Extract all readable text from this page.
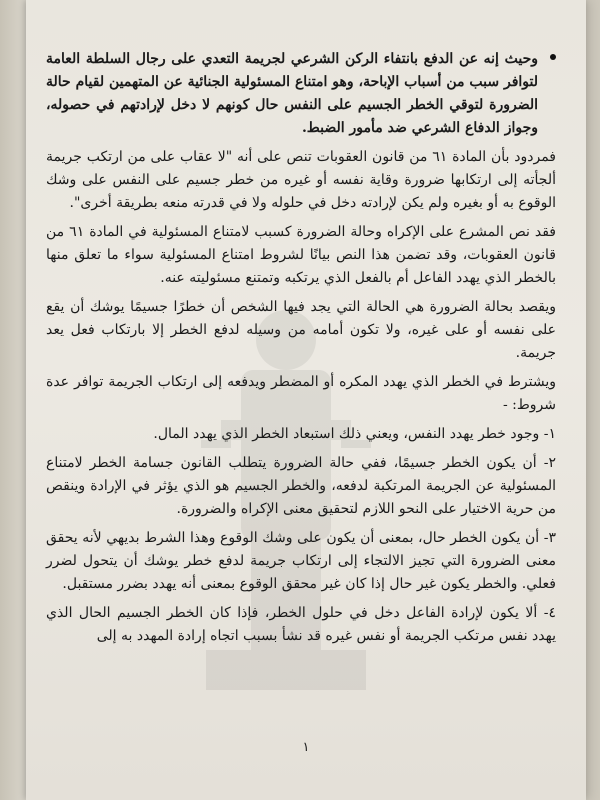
وحيث إنه عن الدفع بانتفاء الركن الشرعي لجريمة التعدي على رجال السلطة العامة لتوافر سبب من أسباب الإباحة، وهو امتناع المسئولية الجنائية عن المتهمين لقيام حالة الضرورة لتوقي الخطر الجسيم على النفس حال كونهم لا دخل لإرادتهم في حصوله، وجواز الدفاع الشرعي ضد مأمور الضبط.
فمردود بأن المادة ٦١ من قانون العقوبات تنص على أنه "لا عقاب على من ارتكب جريمة ألجأته إلى ارتكابها ضرورة وقاية نفسه أو غيره من خطر جسيم على النفس على وشك الوقوع به أو بغيره ولم يكن لإرادته دخل في حلوله ولا في قدرته منعه بطريقة أخرى".
فقد نص المشرع على الإكراه وحالة الضرورة كسبب لامتناع المسئولية في المادة ٦١ من قانون العقوبات، وقد تضمن هذا النص بيانًا لشروط امتناع المسئولية سواء ما تعلق منها بالخطر الذي يهدد الفاعل أم بالفعل الذي يرتكبه وتمتنع مسئوليته عنه.
ويقصد بحالة الضرورة هي الحالة التي يجد فيها الشخص أن خطرًا جسيمًا يوشك أن يقع على نفسه أو على غيره، ولا تكون أمامه من وسيله لدفع الخطر إلا بارتكاب فعل يعد جريمة.
ويشترط في الخطر الذي يهدد المكره أو المضطر ويدفعه إلى ارتكاب الجريمة توافر عدة شروط: -
١- وجود خطر يهدد النفس، ويعني ذلك استبعاد الخطر الذي يهدد المال.
٢- أن يكون الخطر جسيمًا، ففي حالة الضرورة يتطلب القانون جسامة الخطر لامتناع المسئولية عن الجريمة المرتكبة لدفعه، والخطر الجسيم هو الذي يؤثر في الإرادة وينقص من حرية الاختيار على النحو اللازم لتحقيق معنى الإكراه والضرورة.
٣- أن يكون الخطر حال، بمعنى أن يكون على وشك الوقوع وهذا الشرط بديهي لأنه يحقق معنى الضرورة التي تجيز الالتجاء إلى ارتكاب جريمة لدفع خطر يوشك أن يتحول لضرر فعلي. والخطر يكون غير حال إذا كان غير محقق الوقوع بمعنى أنه يهدد بضرر مستقبل.
٤- ألا يكون لإرادة الفاعل دخل في حلول الخطر، فإذا كان الخطر الجسيم الحال الذي يهدد نفس مرتكب الجريمة أو نفس غيره قد نشأ بسبب اتجاه إرادة المهدد به إلى
١
